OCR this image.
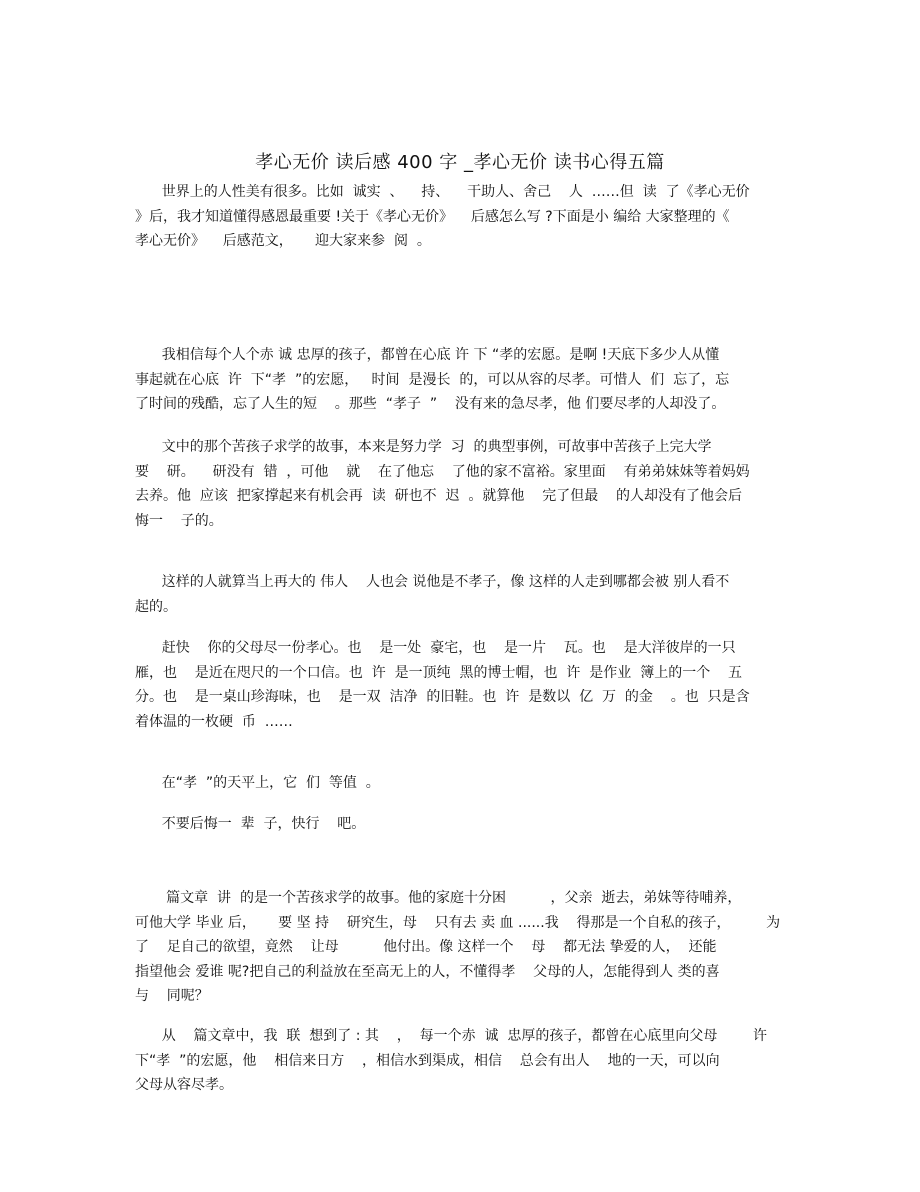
孝心无价 读后感 400 字 _孝心无价 读书心得五篇
世界上的人性美有很多。比如  诚实  、    持、    干助人、舍己    人  ……但  读  了《孝心无价
》后，我才知道懂得感恩最重要 !关于《孝心无价》    后感怎么写 ?下面是小 编给 大家整理的《
孝心无价》    后感范文，     迎大家来参  阅  。
我相信每个人个赤 诚 忠厚的孩子，都曾在心底 许 下 “孝的宏愿。是啊 !天底下多少人从懂
事起就在心底  许  下“孝  ”的宏愿，   时间  是漫长  的，可以从容的尽孝。可惜人  们  忘了，忘
了时间的残酷，忘了人生的短    。那些  “孝子  ”    没有来的急尽孝，他 们要尽孝的人却没了。
文中的那个苦孩子求学的故事，本来是努力学  习  的典型事例，可故事中苦孩子上完大学
要    研。    研没有  错  ，可他    就    在了他忘    了他的家不富裕。家里面    有弟弟妹妹等着妈妈
去养。他  应该  把家撑起来有机会再  读  研也不  迟  。就算他    完了但最    的人却没有了他会后
悔一    子的。
这样的人就算当上再大的 伟人    人也会 说他是不孝子，像 这样的人走到哪都会被 别人看不
起的。
赶快    你的父母尽一份孝心。也    是一处  豪宅，也    是一片    瓦。也    是大洋彼岸的一只
雁，也    是近在咫尺的一个口信。也  许  是一顶纯  黑的博士帽，也  许  是作业  簿上的一个    五
分。也    是一桌山珍海味，也    是一双  洁净  的旧鞋。也  许  是数以  亿  万  的金    。也  只是含
着体温的一枚硬  币  ……
在“孝  ”的天平上，它  们  等值  。
不要后悔一  辈  子，快行    吧。
篇文章  讲  的是一个苦孩求学的故事。他的家庭十分困          ，父亲  逝去，弟妹等待哺养，
可他大学 毕业 后，     要 坚 持    研究生，母    只有去 卖 血 ......我    得那是一个自私的孩子，        为
了    足自己的欲望，竟然    让母          他付出。像 这样一个    母    都无法 挚爱的人，  还能
指望他会 爱谁 呢?把自己的利益放在至高无上的人，不懂得孝    父母的人，怎能得到人 类的喜
与    同呢？
从    篇文章中，我  联  想到了 : 其    ，  每一个赤  诚  忠厚的孩子，都曾在心底里向父母        许
下“孝  ”的宏愿，他    相信来日方    ，相信水到渠成，相信    总会有出人    地的一天，可以向
父母从容尽孝。
